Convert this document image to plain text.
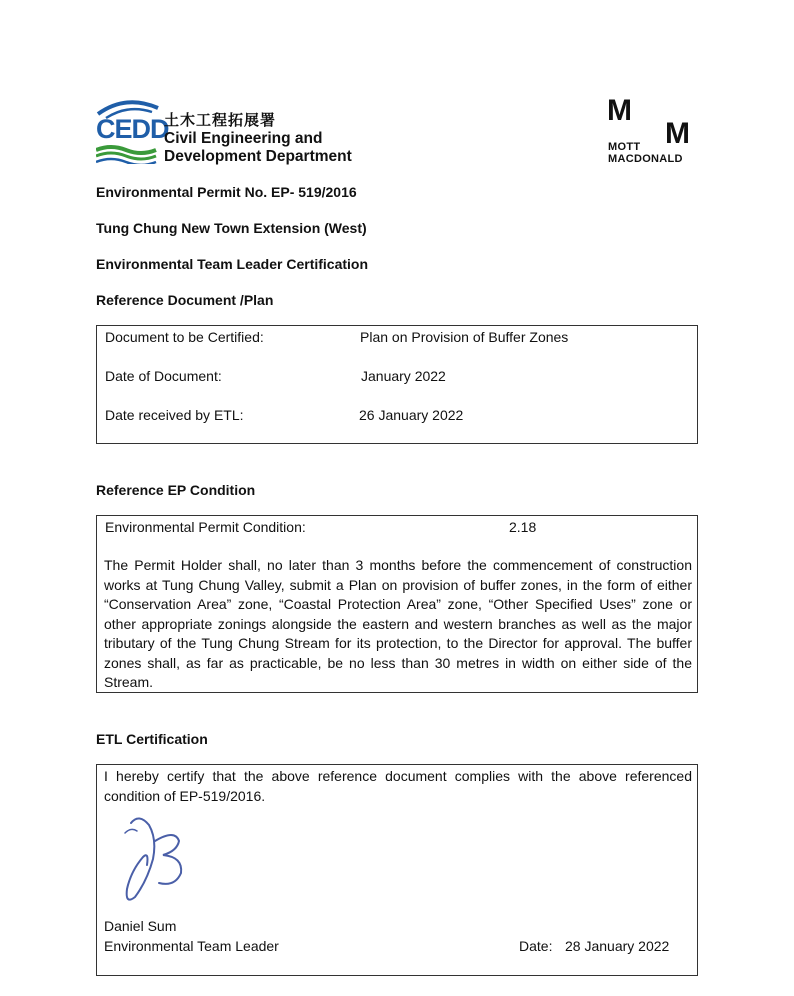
CEDD
土木工程拓展署
Civil Engineering and
Development Department
M
M
MOTT
MACDONALD
Environmental Permit No. EP- 519/2016
Tung Chung New Town Extension (West)
Environmental Team Leader Certification
Reference Document /Plan
Document to be Certified:	Plan on Provision of Buffer Zones
Date of Document:	January 2022
Date received by ETL:	26 January 2022
Reference EP Condition
Environmental Permit Condition:	2.18
The Permit Holder shall, no later than 3 months before the commencement of construction works at Tung Chung Valley, submit a Plan on provision of buffer zones, in the form of either “Conservation Area” zone, “Coastal Protection Area” zone, “Other Specified Uses” zone or other appropriate zonings alongside the eastern and western branches as well as the major tributary of the Tung Chung Stream for its protection, to the Director for approval. The buffer zones shall, as far as practicable, be no less than 30 metres in width on either side of the Stream.
ETL Certification
I hereby certify that the above reference document complies with the above referenced condition of EP-519/2016.
Daniel Sum
Environmental Team Leader	Date: 28 January 2022
